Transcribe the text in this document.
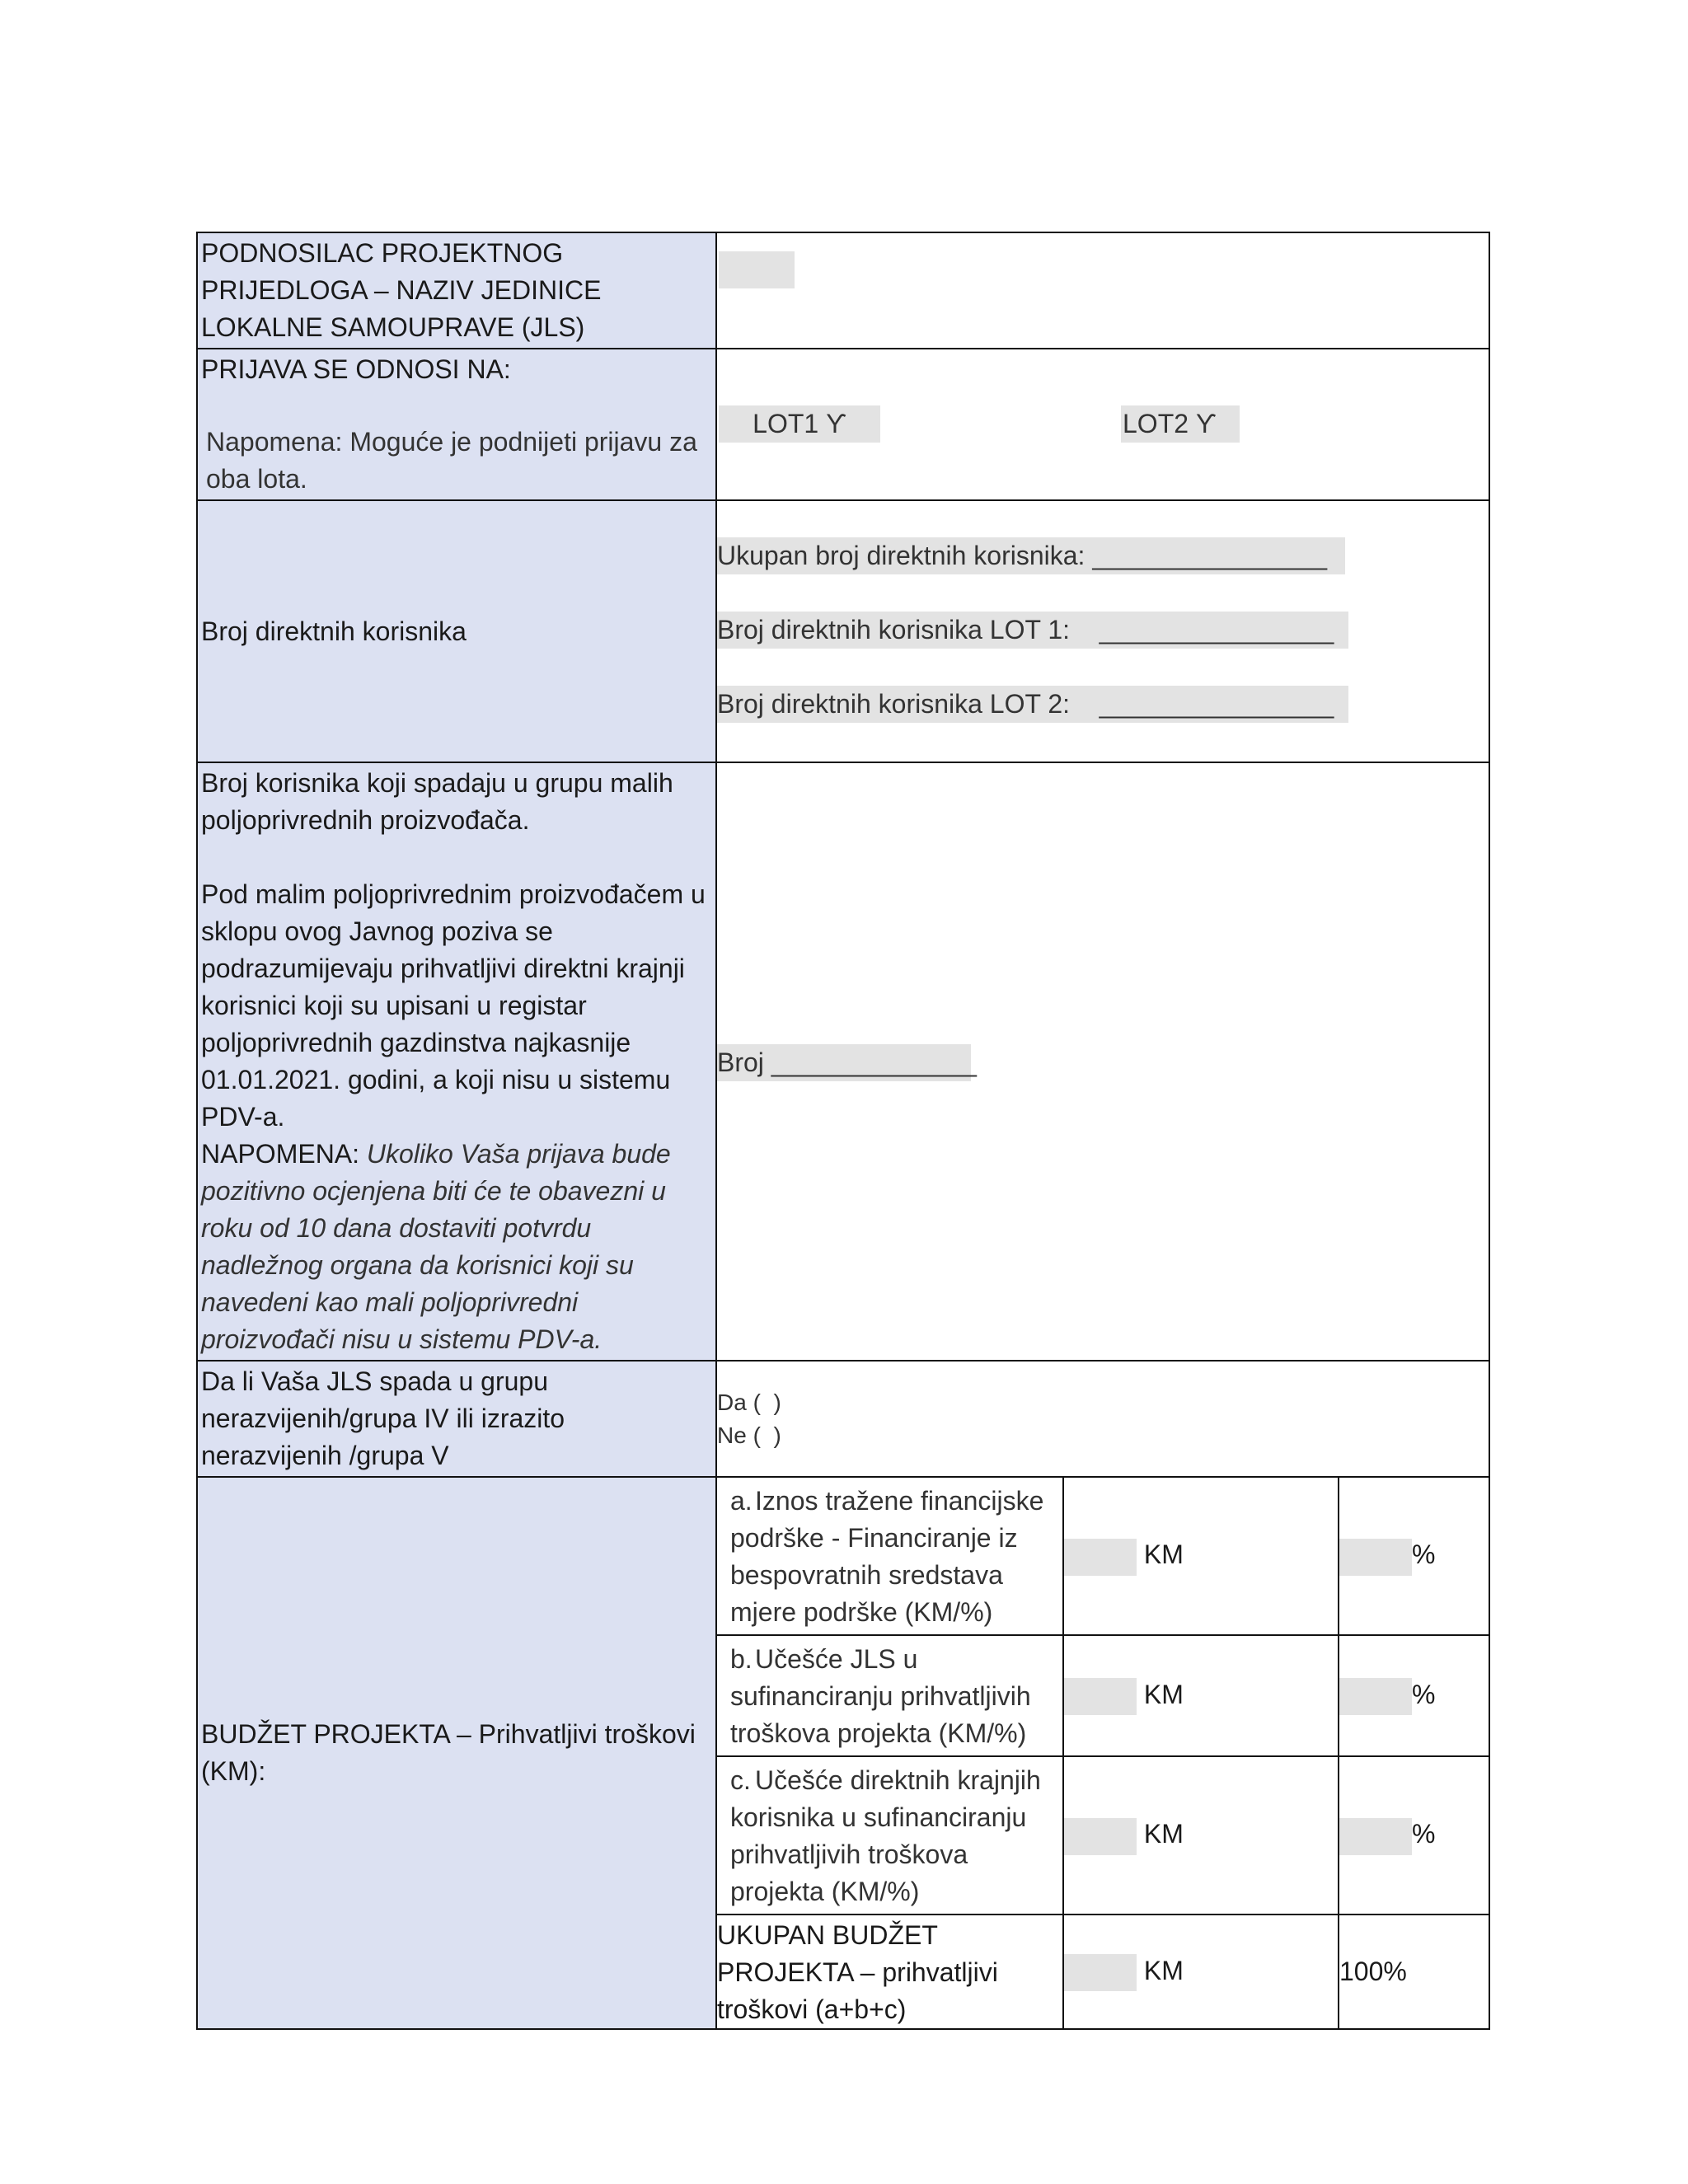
PODNOSILAC PROJEKTNOG PRIJEDLOGA – NAZIV JEDINICE LOKALNE SAMOUPRAVE (JLS)	

PRIJAVA SE ODNOSI NA:
Napomena: Moguće je podnijeti prijavu za oba lota.

LOT1 ϒ	LOT2 ϒ

Broj direktnih korisnika	
Ukupan broj direktnih korisnika: ________________
Broj direktnih korisnika LOT 1:    ________________
Broj direktnih korisnika LOT 2:    ________________

Broj korisnika koji spadaju u grupu malih poljoprivrednih proizvođača.
Pod malim poljoprivrednim proizvođačem u sklopu ovog Javnog poziva se podrazumijevaju prihvatljivi direktni krajnji korisnici koji su upisani u registar poljoprivrednih gazdinstva najkasnije 01.01.2021. godini, a koji nisu u sistemu PDV-a.
NAPOMENA: Ukoliko Vaša prijava bude pozitivno ocjenjena biti će te obavezni u roku od 10 dana dostaviti potvrdu nadležnog organa da korisnici koji su navedeni kao mali poljoprivredni proizvođači nisu u sistemu PDV-a.
	Broj ______________
Da li Vaša JLS spada u grupu nerazvijenih/grupa IV ili izrazito nerazvijenih /grupa V	
Da (  )
Ne (  )

BUDŽET PROJEKTA – Prihvatljivi troškovi (KM):	
a. Iznos tražene financijske podrške - Financiranje iz bespovratnih sredstava mjere podrške (KM/%)	KM	%
b. Učešće JLS u sufinanciranju prihvatljivih troškova projekta (KM/%)	KM	%
c. Učešće direktnih krajnjih korisnika u sufinanciranju prihvatljivih troškova projekta (KM/%)	KM	%
UKUPAN BUDŽET PROJEKTA – prihvatljivi troškovi (a+b+c)	KM	100%
